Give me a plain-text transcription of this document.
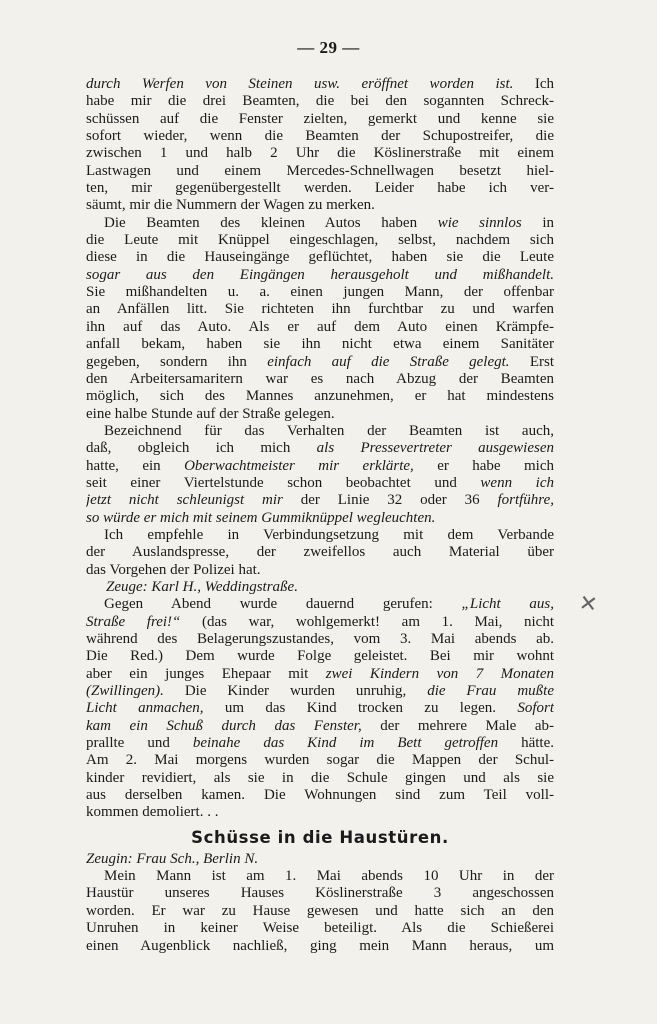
— 29 —
✕

durch Werfen von Steinen usw. eröffnet worden ist. Ich
habe mir die drei Beamten, die bei den sogannten Schreck-
schüssen auf die Fenster zielten, gemerkt und kenne sie
sofort wieder, wenn die Beamten der Schupostreifer, die
zwischen 1 und halb 2 Uhr die Köslinerstraße mit einem
Lastwagen und einem Mercedes-Schnellwagen besetzt hiel-
ten, mir gegenübergestellt werden. Leider habe ich ver-
säumt, mir die Nummern der Wagen zu merken.

Die Beamten des kleinen Autos haben wie sinnlos in
die Leute mit Knüppel eingeschlagen, selbst, nachdem sich
diese in die Hauseingänge geflüchtet, haben sie die Leute
sogar aus den Eingängen herausgeholt und mißhandelt.
Sie mißhandelten u. a. einen jungen Mann, der offenbar
an Anfällen litt. Sie richteten ihn furchtbar zu und warfen
ihn auf das Auto. Als er auf dem Auto einen Krämpfe-
anfall bekam, haben sie ihn nicht etwa einem Sanitäter
gegeben, sondern ihn einfach auf die Straße gelegt. Erst
den Arbeitersamaritern war es nach Abzug der Beamten
möglich, sich des Mannes anzunehmen, er hat mindestens
eine halbe Stunde auf der Straße gelegen.

Bezeichnend für das Verhalten der Beamten ist auch,
daß, obgleich ich mich als Pressevertreter ausgewiesen
hatte, ein Oberwachtmeister mir erklärte, er habe mich
seit einer Viertelstunde schon beobachtet und wenn ich
jetzt nicht schleunigst mir der Linie 32 oder 36 fortführe,
so würde er mich mit seinem Gummiknüppel wegleuchten.

Ich empfehle in Verbindungsetzung mit dem Verbande
der Auslandspresse, der zweifellos auch Material über
das Vorgehen der Polizei hat.

Zeuge: Karl H., Weddingstraße.

Gegen Abend wurde dauernd gerufen: „Licht aus,
Straße frei!“ (das war, wohlgemerkt! am 1. Mai, nicht
während des Belagerungszustandes, vom 3. Mai abends ab.
Die Red.) Dem wurde Folge geleistet. Bei mir wohnt
aber ein junges Ehepaar mit zwei Kindern von 7 Monaten
(Zwillingen). Die Kinder wurden unruhig, die Frau mußte
Licht anmachen, um das Kind trocken zu legen. Sofort
kam ein Schuß durch das Fenster, der mehrere Male ab-
prallte und beinahe das Kind im Bett getroffen hätte.
Am 2. Mai morgens wurden sogar die Mappen der Schul-
kinder revidiert, als sie in die Schule gingen und als sie
aus derselben kamen. Die Wohnungen sind zum Teil voll-
kommen demoliert. . .

Schüsse in die Haustüren.

Zeugin: Frau Sch., Berlin N.

Mein Mann ist am 1. Mai abends 10 Uhr in der
Haustür unseres Hauses Köslinerstraße 3 angeschossen
worden. Er war zu Hause gewesen und hatte sich an den
Unruhen in keiner Weise beteiligt. Als die Schießerei
einen Augenblick nachließ, ging mein Mann heraus, um
